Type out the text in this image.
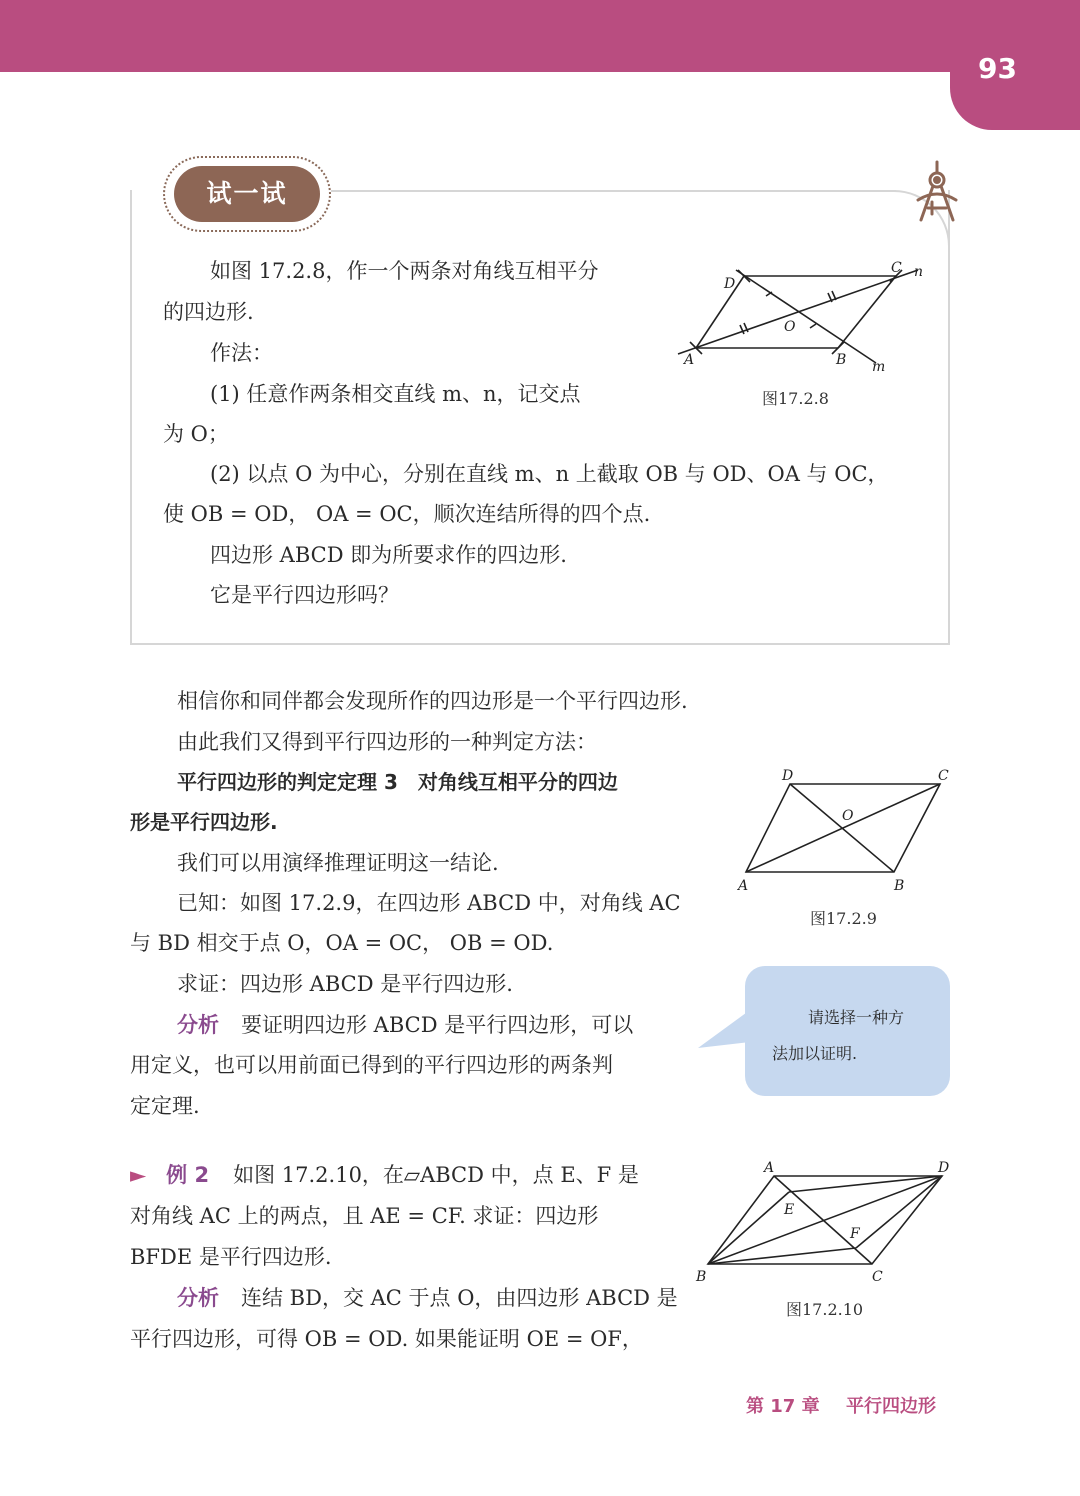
93
试一试
如图 17.2.8，作一个两条对角线互相平分
的四边形.
作法：
(1) 任意作两条相交直线 m、n，记交点
为 O；
(2) 以点 O 为中心，分别在直线 m、n 上截取 OB 与 OD、OA 与 OC，
使 OB = OD， OA = OC，顺次连结所得的四个点.
四边形 ABCD 即为所要求作的四边形.
它是平行四边形吗？
D
C n
O
A	B m
图17.2.8
相信你和同伴都会发现所作的四边形是一个平行四边形.
由此我们又得到平行四边形的一种判定方法：
平行四边形的判定定理 3　对角线互相平分的四边
形是平行四边形.
我们可以用演绎推理证明这一结论.
已知：如图 17.2.9，在四边形 ABCD 中，对角线 AC
与 BD 相交于点 O，OA = OC， OB = OD.
求证：四边形 ABCD 是平行四边形.
分析 要证明四边形 ABCD 是平行四边形，可以
用定义，也可以用前面已得到的平行四边形的两条判
定定理.
D	C
O
A	B
图17.2.9
请选择一种方
法加以证明.
► 例 2 如图 17.2.10，在▱ABCD 中，点 E、F 是
对角线 AC 上的两点，且 AE = CF. 求证：四边形
BFDE 是平行四边形.
分析 连结 BD，交 AC 于点 O，由四边形 ABCD 是
平行四边形，可得 OB = OD. 如果能证明 OE = OF，
A	D
E
F
B	C
图17.2.10
第 17 章 平行四边形
